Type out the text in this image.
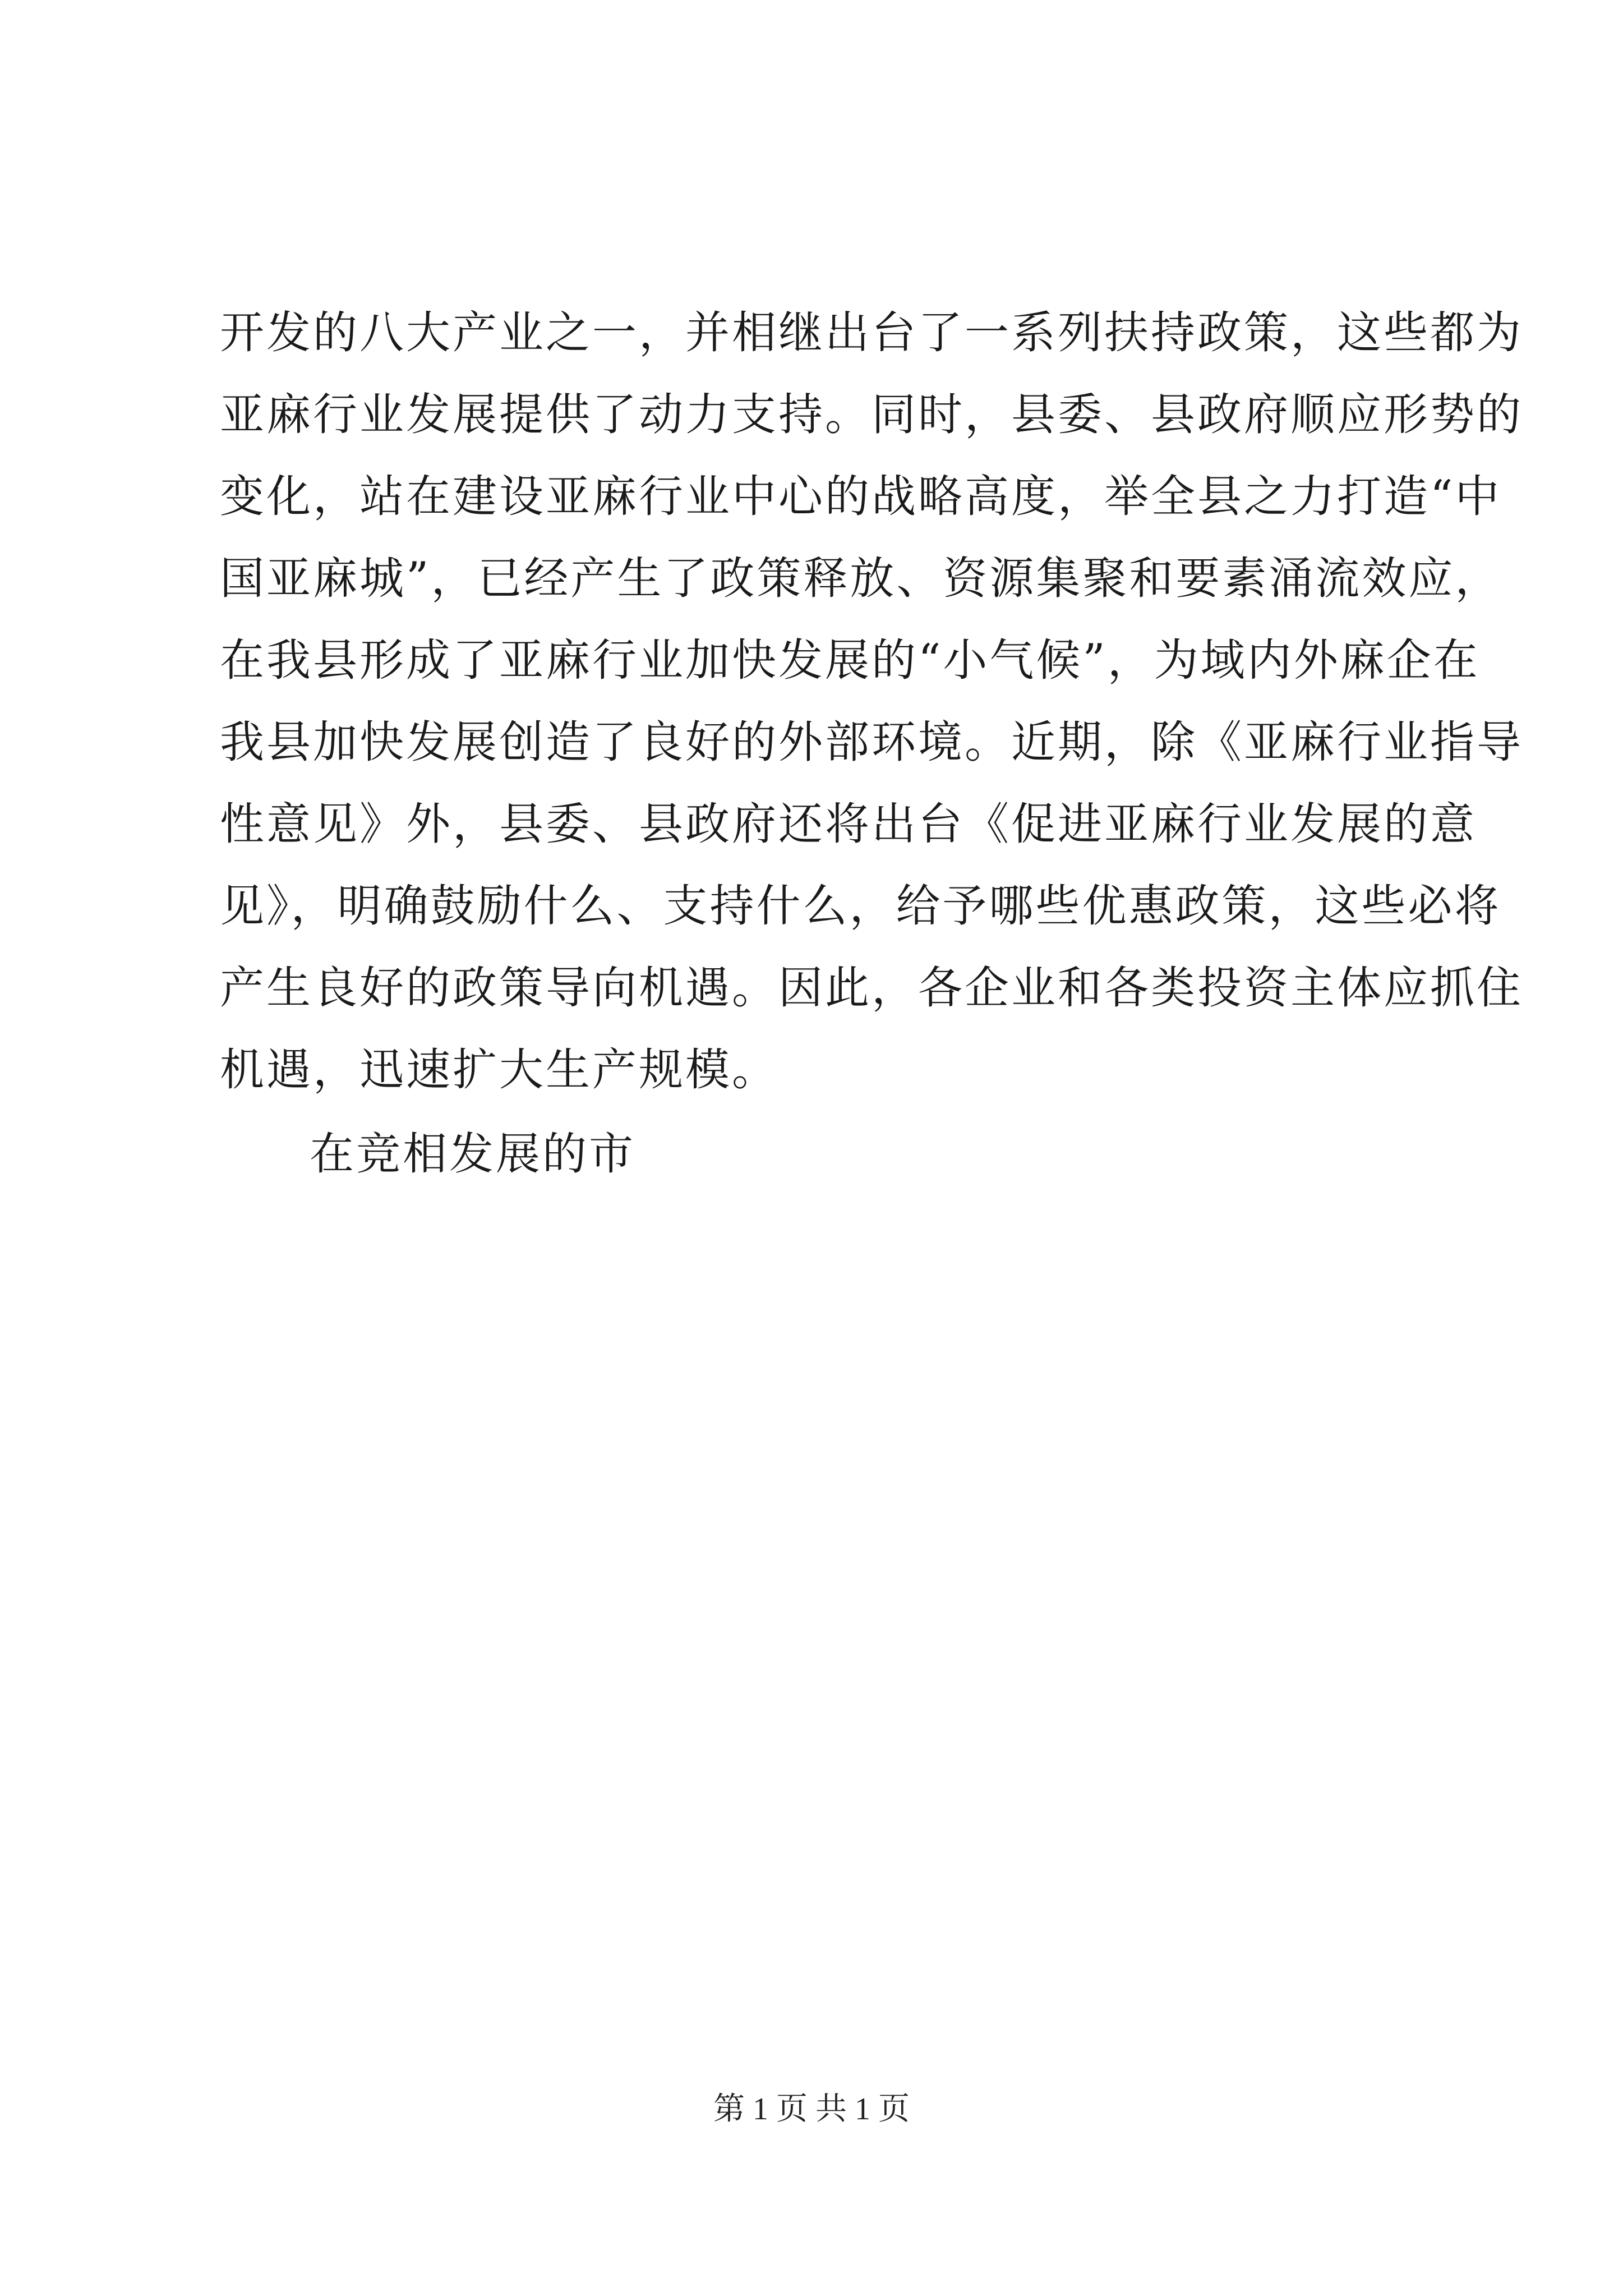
开发的八大产业之一，并相继出台了一系列扶持政策，这些都为
亚麻行业发展提供了动力支持。同时，县委、县政府顺应形势的
变化，站在建设亚麻行业中心的战略高度，举全县之力打造“中
国亚麻城”，已经产生了政策释放、资源集聚和要素涌流效应，
在我县形成了亚麻行业加快发展的“小气候”，为域内外麻企在
我县加快发展创造了良好的外部环境。近期，除《亚麻行业指导
性意见》外，县委、县政府还将出台《促进亚麻行业发展的意
见》，明确鼓励什么、支持什么，给予哪些优惠政策，这些必将
产生良好的政策导向机遇。因此，各企业和各类投资主体应抓住
机遇，迅速扩大生产规模。
在竞相发展的市
第 1 页 共 1 页
